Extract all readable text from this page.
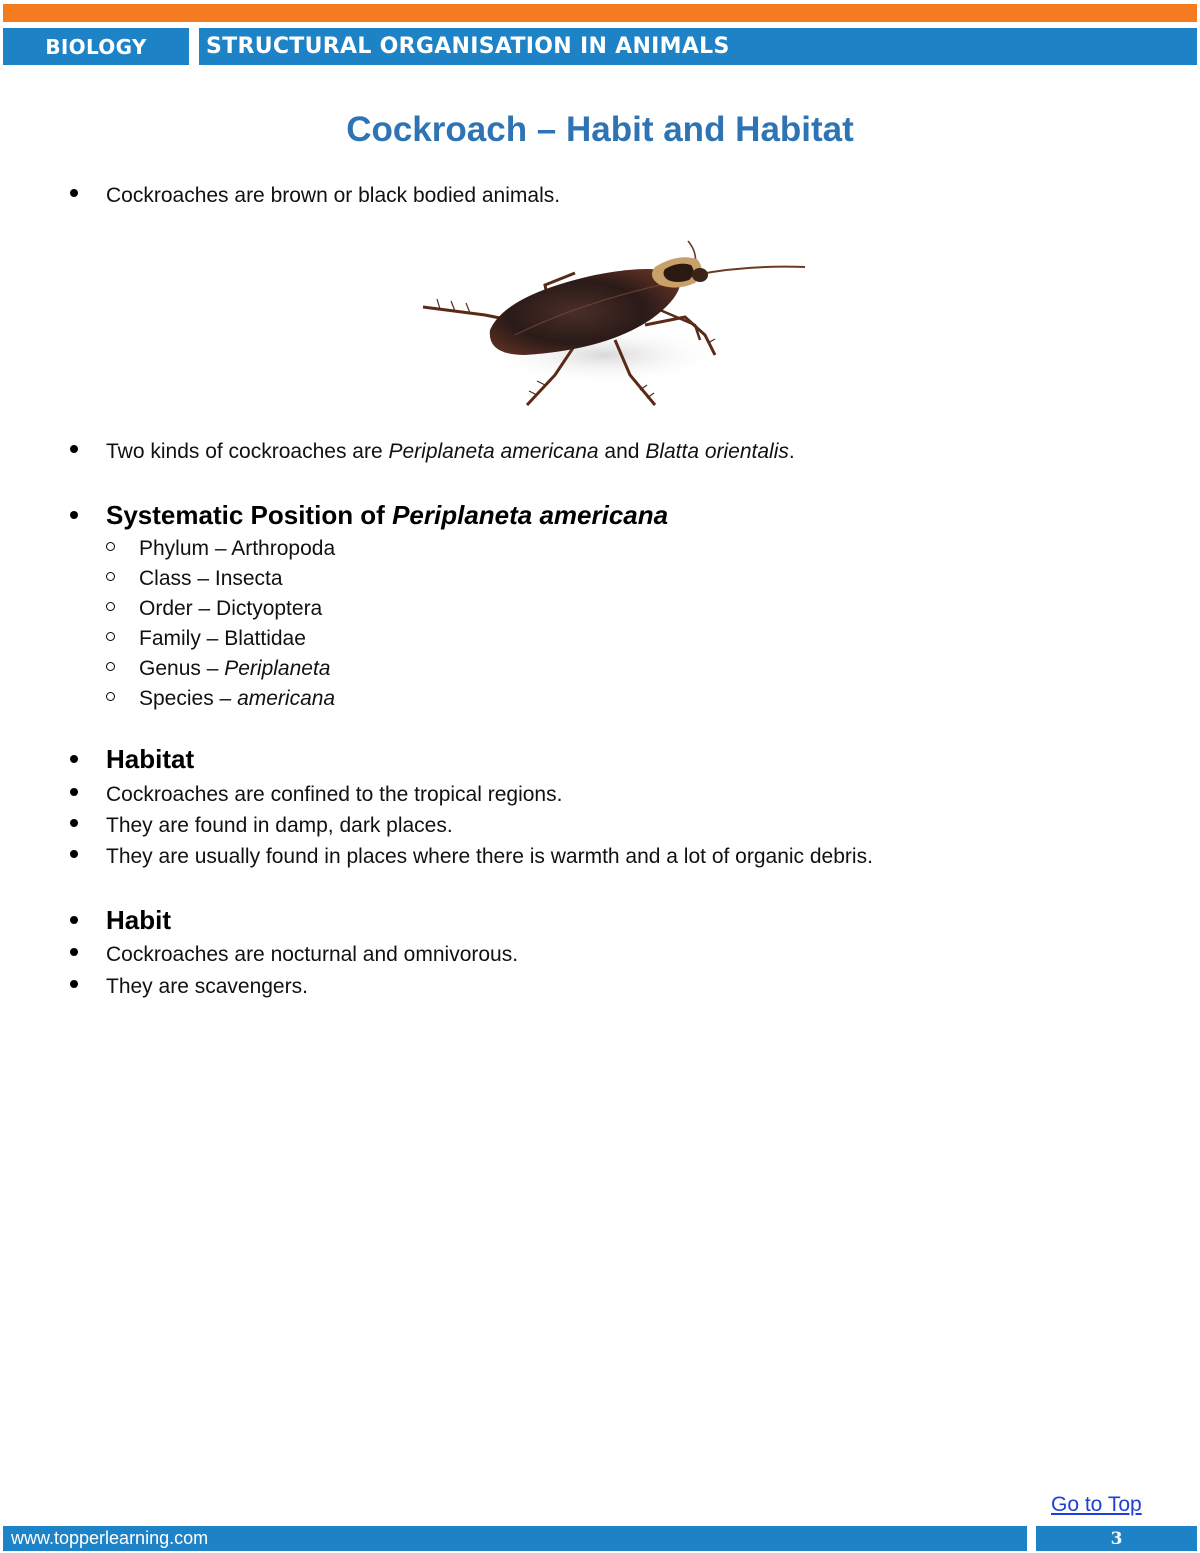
BIOLOGY	STRUCTURAL ORGANISATION IN ANIMALS
Cockroach – Habit and Habitat
Cockroaches are brown or black bodied animals.
Two kinds of cockroaches are Periplaneta americana and Blatta orientalis.
Systematic Position of Periplaneta americana
Phylum – Arthropoda
Class – Insecta
Order – Dictyoptera
Family – Blattidae
Genus – Periplaneta
Species – americana
Habitat
Cockroaches are confined to the tropical regions.
They are found in damp, dark places.
They are usually found in places where there is warmth and a lot of organic debris.
Habit
Cockroaches are nocturnal and omnivorous.
They are scavengers.
Go to Top
www.topperlearning.com	3
